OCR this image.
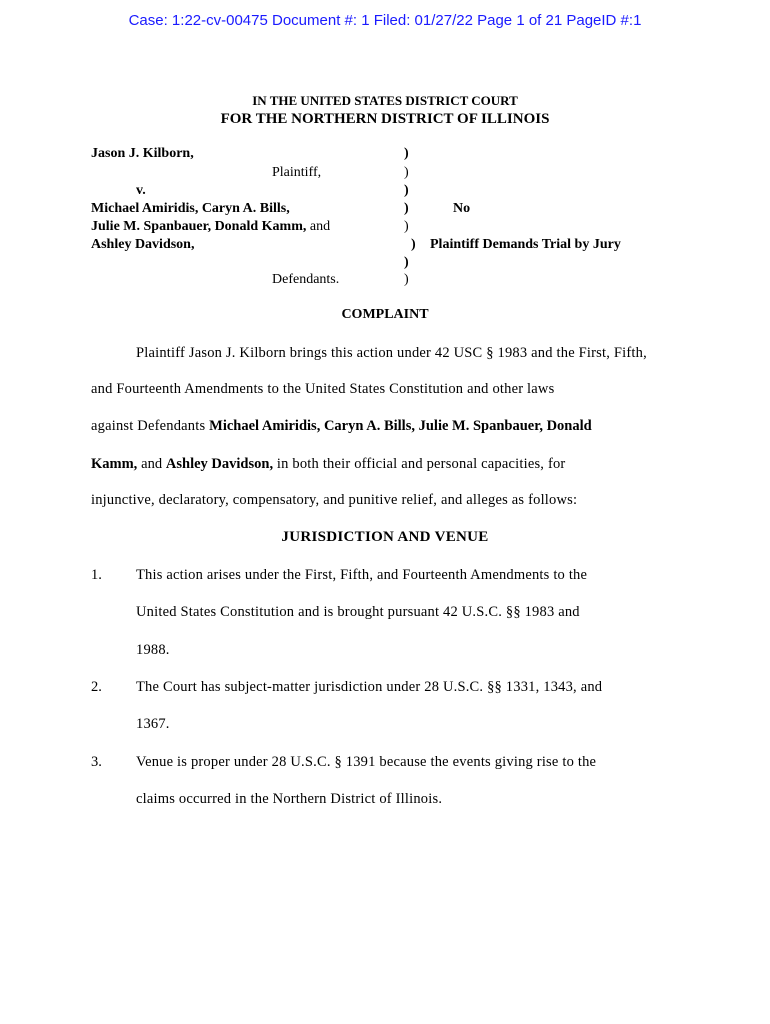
Case: 1:22-cv-00475 Document #: 1 Filed: 01/27/22 Page 1 of 21 PageID #:1
IN THE UNITED STATES DISTRICT COURT
FOR THE NORTHERN DISTRICT OF ILLINOIS
Jason J. Kilborn,
Plaintiff,
v.
Michael Amiridis, Caryn A. Bills,
Julie M. Spanbauer, Donald Kamm, and
Ashley Davidson,
Defendants.
)
)
)
)
)
)
)
)
No
Plaintiff Demands Trial by Jury
COMPLAINT
Plaintiff Jason J. Kilborn brings this action under 42 USC § 1983 and the First, Fifth,
and Fourteenth Amendments to the United States Constitution and other laws
against Defendants Michael Amiridis, Caryn A. Bills, Julie M. Spanbauer, Donald
Kamm, and Ashley Davidson, in both their official and personal capacities, for
injunctive, declaratory, compensatory, and punitive relief, and alleges as follows:
JURISDICTION AND VENUE
1. This action arises under the First, Fifth, and Fourteenth Amendments to the
United States Constitution and is brought pursuant 42 U.S.C. §§ 1983 and
1988.
2. The Court has subject-matter jurisdiction under 28 U.S.C. §§ 1331, 1343, and
1367.
3. Venue is proper under 28 U.S.C. § 1391 because the events giving rise to the
claims occurred in the Northern District of Illinois.
